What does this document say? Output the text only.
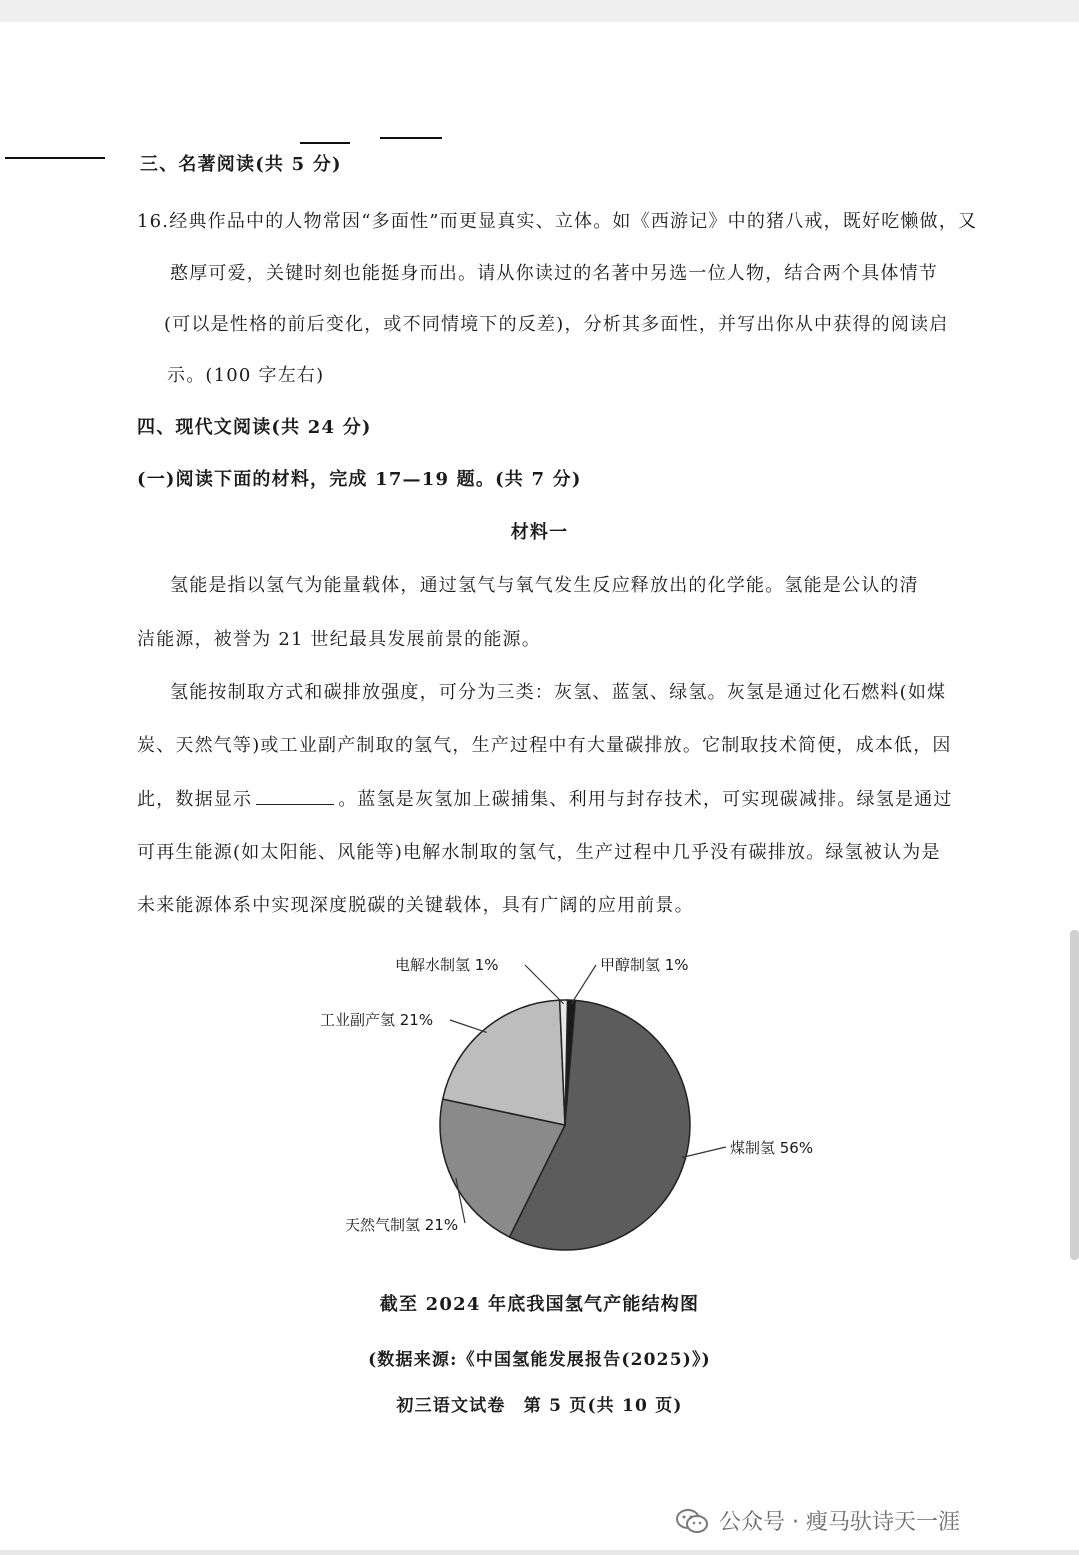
三、名著阅读(共 5 分)
16.经典作品中的人物常因“多面性”而更显真实、立体。如《西游记》中的猪八戒，既好吃懒做，又
憨厚可爱，关键时刻也能挺身而出。请从你读过的名著中另选一位人物，结合两个具体情节
(可以是性格的前后变化，或不同情境下的反差)，分析其多面性，并写出你从中获得的阅读启
示。(100 字左右)
四、现代文阅读(共 24 分)
(一)阅读下面的材料，完成 17—19 题。(共 7 分)
材料一
氢能是指以氢气为能量载体，通过氢气与氧气发生反应释放出的化学能。氢能是公认的清
洁能源，被誉为 21 世纪最具发展前景的能源。
氢能按制取方式和碳排放强度，可分为三类：灰氢、蓝氢、绿氢。灰氢是通过化石燃料(如煤
炭、天然气等)或工业副产制取的氢气，生产过程中有大量碳排放。它制取技术简便，成本低，因
此，数据显示	。蓝氢是灰氢加上碳捕集、利用与封存技术，可实现碳减排。绿氢是通过
可再生能源(如太阳能、风能等)电解水制取的氢气，生产过程中几乎没有碳排放。绿氢被认为是
未来能源体系中实现深度脱碳的关键载体，具有广阔的应用前景。
甲醇制氢 1%
煤制氢 56%
天然气制氢 21%
工业副产氢 21%
电解水制氢 1%
截至 2024 年底我国氢气产能结构图
(数据来源:《中国氢能发展报告(2025)》)
初三语文试卷　第 5 页(共 10 页)
公众号 · 瘦马驮诗天一涯
